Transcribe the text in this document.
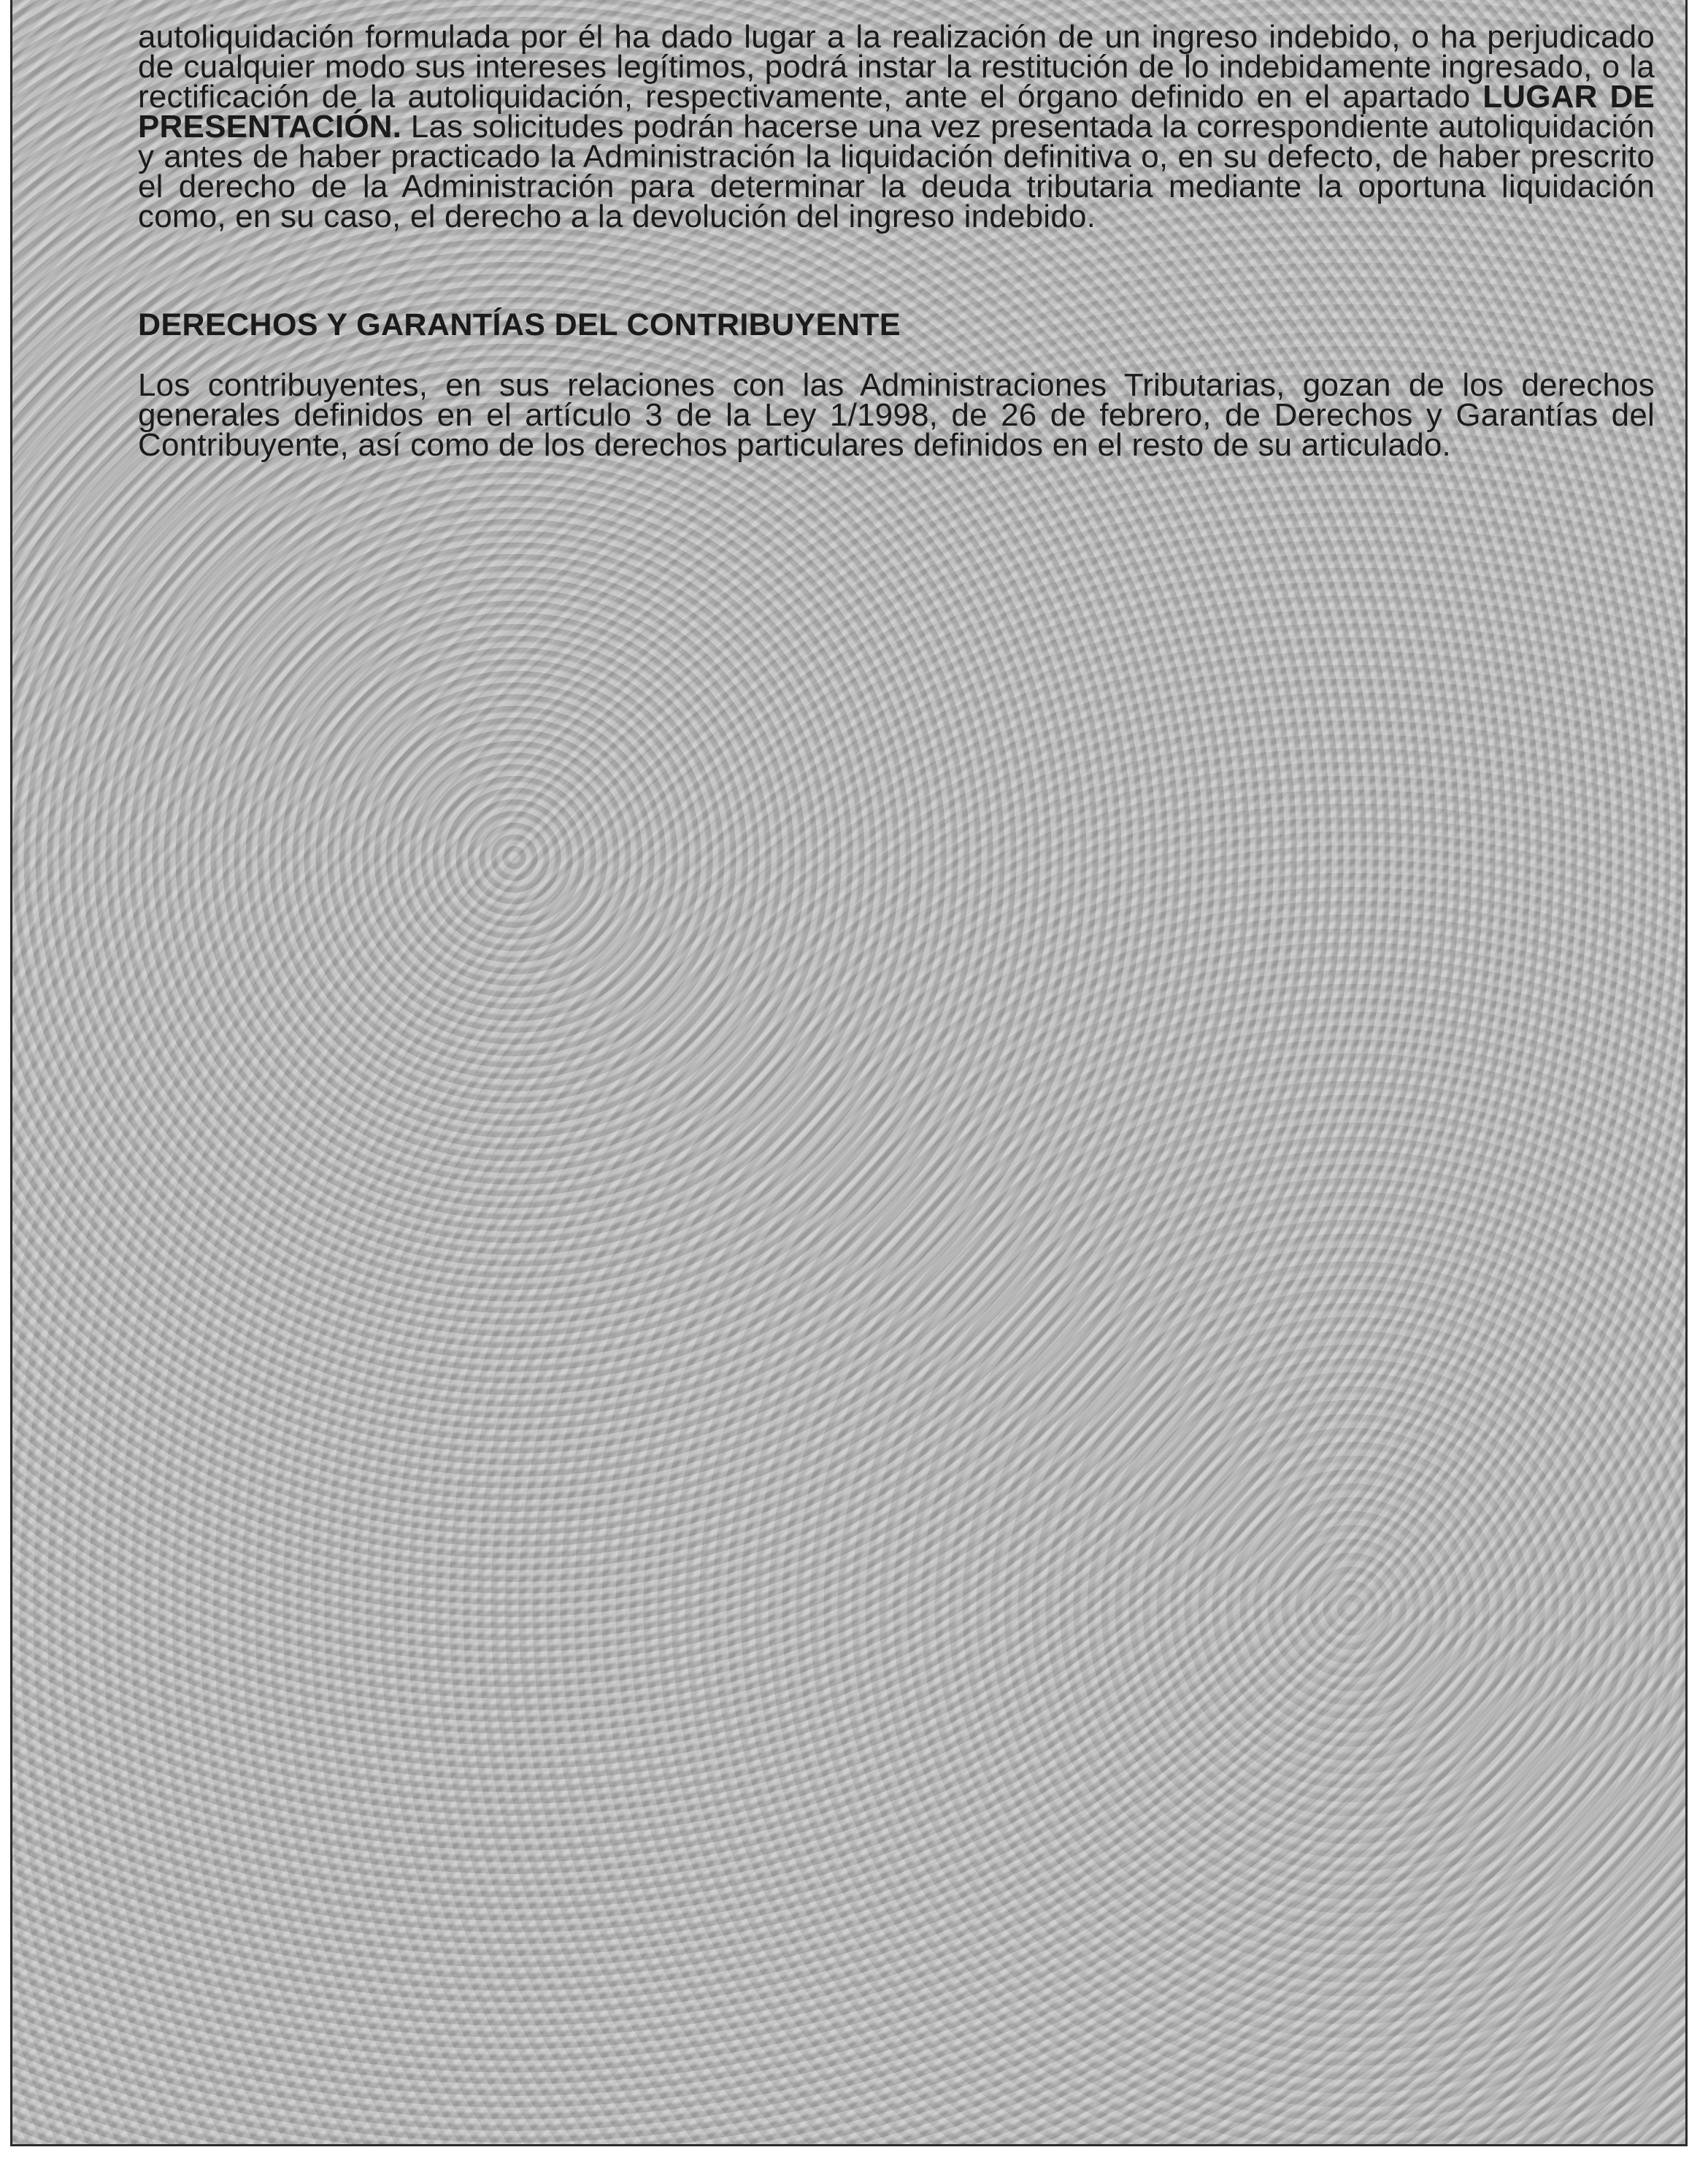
autoliquidación formulada por él ha dado lugar a la realización de un ingreso indebido, o ha perjudicado de cualquier modo sus intereses legítimos, podrá instar la restitución de lo indebidamente ingresado, o la rectificación de la autoliquidación, respectivamente, ante el órgano definido en el apartado LUGAR DE PRESENTACIÓN. Las solicitudes podrán hacerse una vez presentada la correspondiente autoliquidación y antes de haber practicado la Administración la liquidación definitiva o, en su defecto, de haber prescrito el derecho de la Administración para determinar la deuda tributaria mediante la oportuna liquidación como, en su caso, el derecho a la devolución del ingreso indebido.

DERECHOS Y GARANTÍAS DEL CONTRIBUYENTE

Los contribuyentes, en sus relaciones con las Administraciones Tributarias, gozan de los derechos generales definidos en el artículo 3 de la Ley 1/1998, de 26 de febrero, de Derechos y Garantías del Contribuyente, así como de los derechos particulares definidos en el resto de su articulado.
